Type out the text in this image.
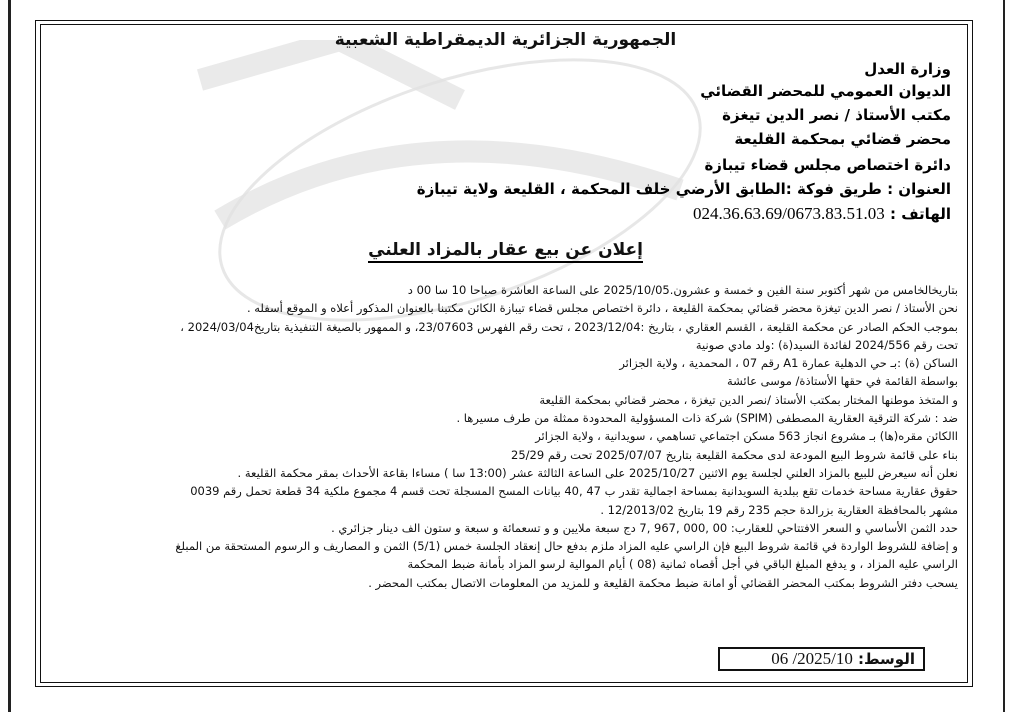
الجمهورية الجزائرية الديمقراطية الشعبية
وزارة العدل
الديوان العمومي للمحضر القضائي
مكتب الأستاذ / نصر الدين تيغزة
محضر قضائي بمحكمة القليعة
دائرة اختصاص مجلس قضاء تيبازة
العنوان : طريق فوكة :الطابق الأرضي خلف المحكمة ، القليعة ولاية تيبازة
الهاتف : 024.36.63.69/0673.83.51.03
إعلان عن بيع عقار بالمزاد العلني
بتاريخالخامس من شهر أكتوبر سنة الفين و خمسة و عشرون.2025/10/05 على الساعة العاشرة صباحا 10 سا 00 د
نحن الأستاذ / نصر الدين تيغزة محضر قضائي بمحكمة القليعة ، دائرة اختصاص مجلس قضاء تيبازة الكائن مكتبنا بالعنوان المذكور أعلاه و الموقع أسفله .
بموجب الحكم الصادر عن محكمة القليعة ، القسم العقاري ، بتاريخ :2023/12/04 ، تحت رقم الفهرس 23/07603، و الممهور بالصيغة التنفيذية بتاريخ2024/03/04 ،
تحت رقم 2024/556 لفائدة السيد(ة) :ولد مادي صونية
الساكن (ة) :بـ حي الدهلية عمارة A1 رقم 07 ، المحمدية ، ولاية الجزائر
بواسطة القائمة في حقها الأستاذة/ موسى عائشة
و المتخذ موطنها المختار بمكتب الأستاذ /نصر الدين تيغزة ، محضر قضائي بمحكمة القليعة
ضد : شركة الترقية العقارية المصطفى (SPIM) شركة ذات المسؤولية المحدودة ممثلة من طرف مسيرها .
االكائن مقره(ها) بـ مشروع انجاز 563 مسكن اجتماعي تساهمي ، سويدانية ، ولاية الجزائر
بناء على قائمة شروط البيع المودعة لدى محكمة القليعة بتاريخ 2025/07/07 تحت رقم 25/29
نعلن أنه سيعرض للبيع بالمزاد العلني لجلسة يوم الاثنين 2025/10/27 على الساعة الثالثة عشر (13:00 سا ) مساءا بقاعة الأحداث بمقر محكمة القليعة .
حقوق عقارية مساحة خدمات تقع ببلدية السويدانية بمساحة اجمالية تقدر ب 47 ,40 بيانات المسح المسجلة تحت قسم 4 مجموع ملكية 34 قطعة تحمل رقم 0039
مشهر بالمحافظة العقارية بزرالدة حجم 235 رقم 19 بتاريخ 12/2013/02 .
حدد الثمن الأساسي و السعر الافتتاحي للعقارب: 00 ,000 ,967 ,7 دج سبعة ملايين و و تسعمائة و سبعة و ستون الف دينار جزائري .
و إضافة للشروط الواردة في قائمة شروط البيع فإن الراسي عليه المزاد ملزم بدفع حال إنعقاد الجلسة خمس (5/1) الثمن و المصاريف و الرسوم المستحقة من المبلغ
الراسي عليه المزاد ، و يدفع المبلغ الباقي في أجل أقصاه ثمانية (08 ) أيام الموالية لرسو المزاد بأمانة ضبط المحكمة
يسحب دفتر الشروط بمكتب المحضر القضائي أو امانة ضبط محكمة القليعة و للمزيد من المعلومات الاتصال بمكتب المحضر .
الوسط: 2025/10/ 06
